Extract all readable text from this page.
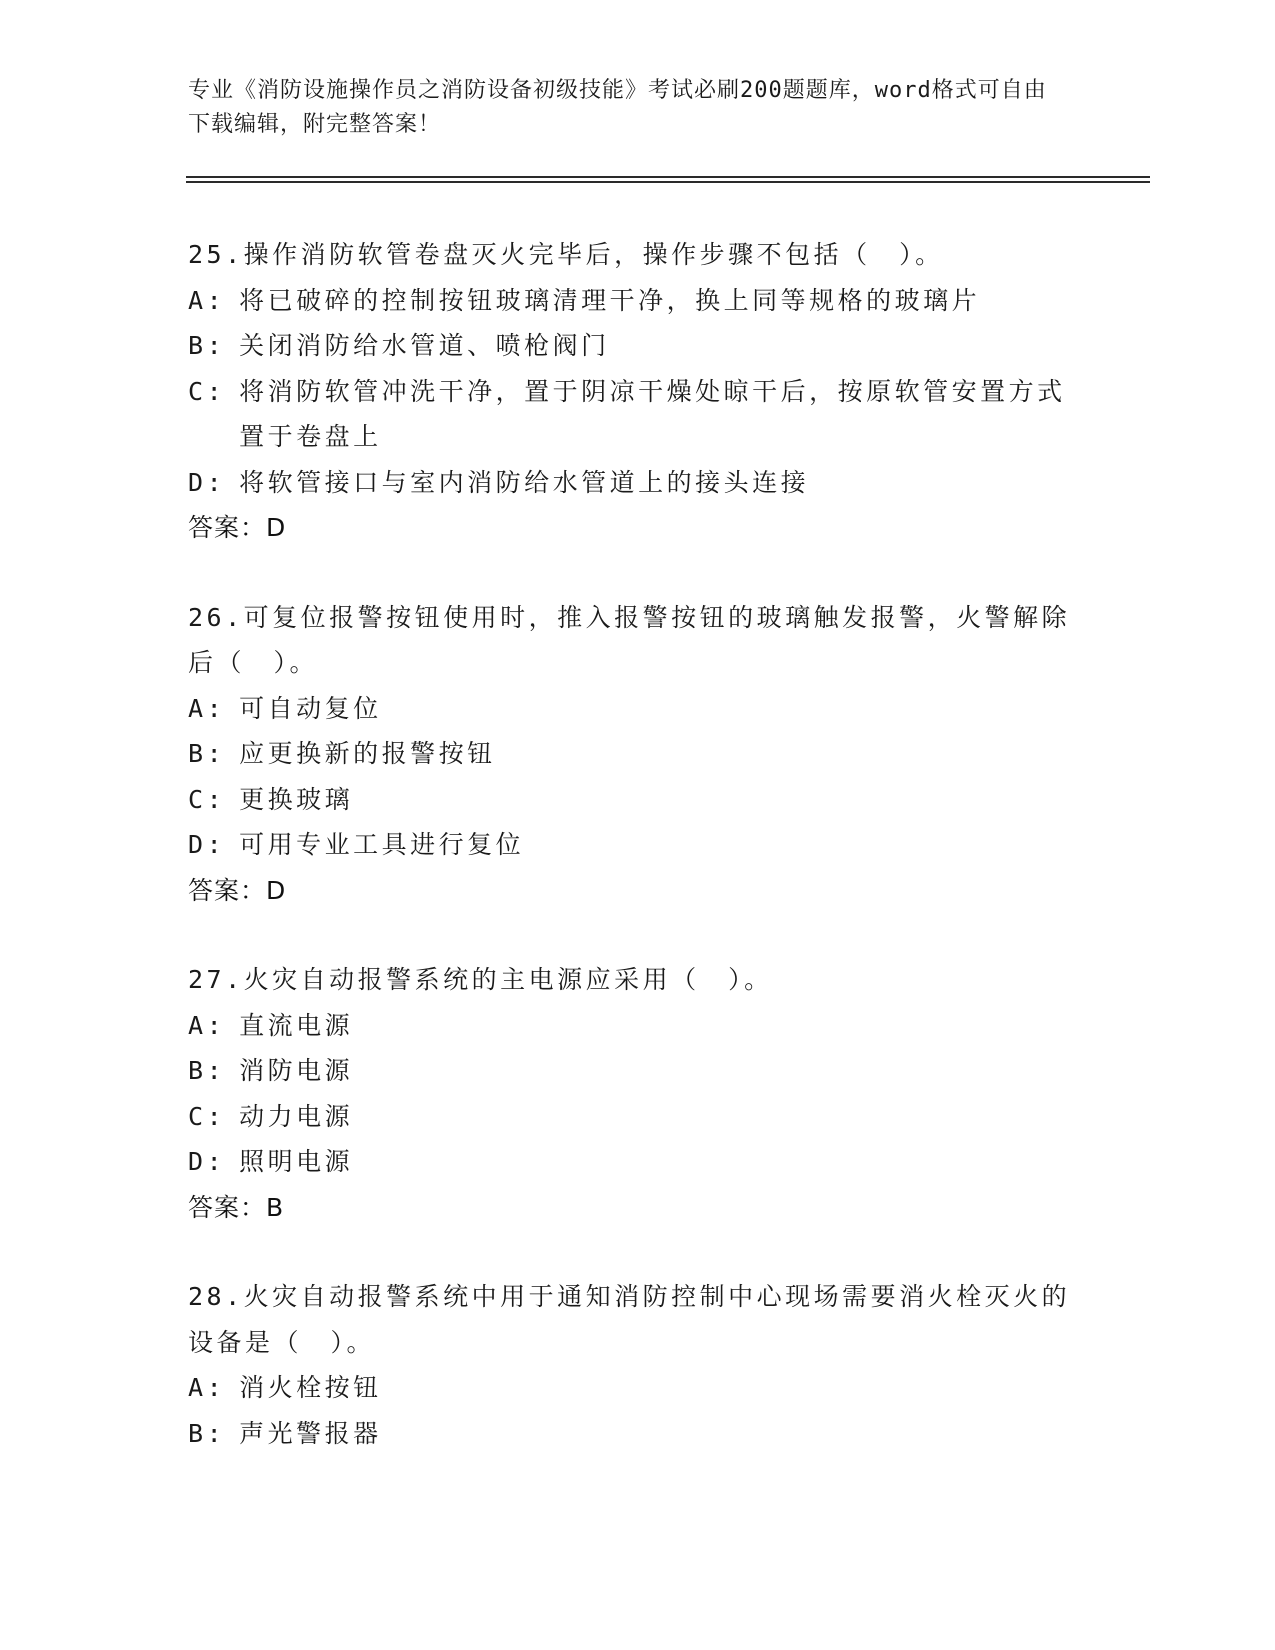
专业《消防设施操作员之消防设备初级技能》考试必刷200题题库，word格式可自由下载编辑，附完整答案！

25.操作消防软管卷盘灭火完毕后，操作步骤不包括（　）。

A : 将已破碎的控制按钮玻璃清理干净，换上同等规格的玻璃片
B : 关闭消防给水管道、喷枪阀门
C : 将消防软管冲洗干净，置于阴凉干燥处晾干后，按原软管安置方式置于卷盘上
D : 将软管接口与室内消防给水管道上的接头连接
答案：D

26.可复位报警按钮使用时，推入报警按钮的玻璃触发报警，火警解除后（　）。

A : 可自动复位
B : 应更换新的报警按钮
C : 更换玻璃
D : 可用专业工具进行复位
答案：D

27.火灾自动报警系统的主电源应采用（　）。

A : 直流电源
B : 消防电源
C : 动力电源
D : 照明电源
答案：B

28.火灾自动报警系统中用于通知消防控制中心现场需要消火栓灭火的设备是（　）。

A : 消火栓按钮
B : 声光警报器
